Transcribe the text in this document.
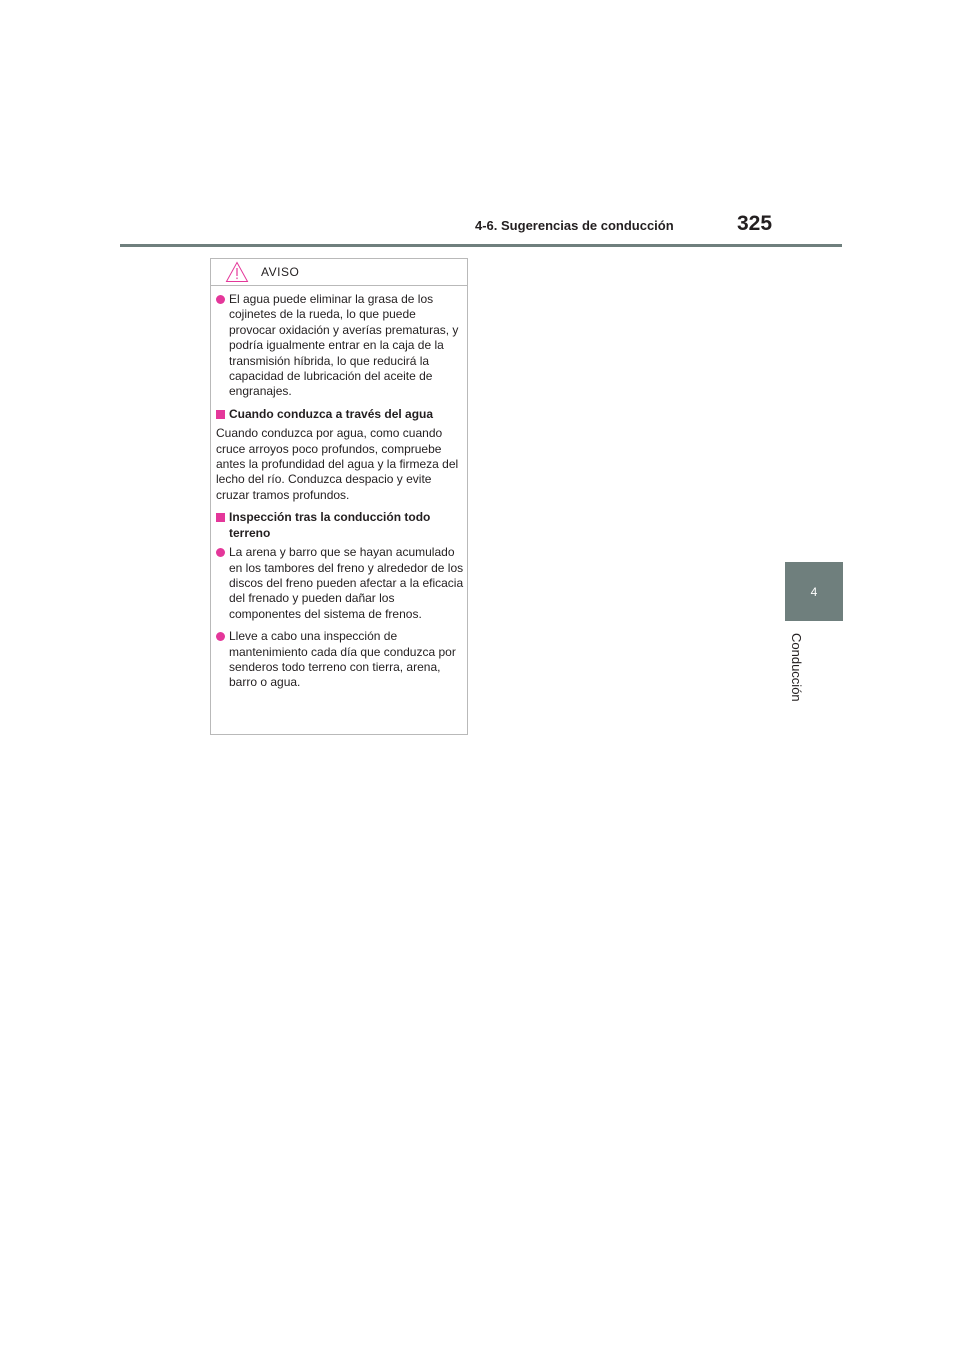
4-6. Sugerencias de conducción	325
4
Conducción
AVISO
El agua puede eliminar la grasa de los cojinetes de la rueda, lo que puede provocar oxidación y averías prematuras, y podría igualmente entrar en la caja de la transmisión híbrida, lo que reducirá la capacidad de lubricación del aceite de engranajes.
Cuando conduzca a través del agua
Cuando conduzca por agua, como cuando cruce arroyos poco profundos, compruebe antes la profundidad del agua y la firmeza del lecho del río. Conduzca despacio y evite cruzar tramos profundos.
Inspección tras la conducción todo terreno
La arena y barro que se hayan acumulado en los tambores del freno y alrededor de los discos del freno pueden afectar a la eficacia del frenado y pueden dañar los componentes del sistema de frenos.
Lleve a cabo una inspección de mantenimiento cada día que conduzca por senderos todo terreno con tierra, arena, barro o agua.
